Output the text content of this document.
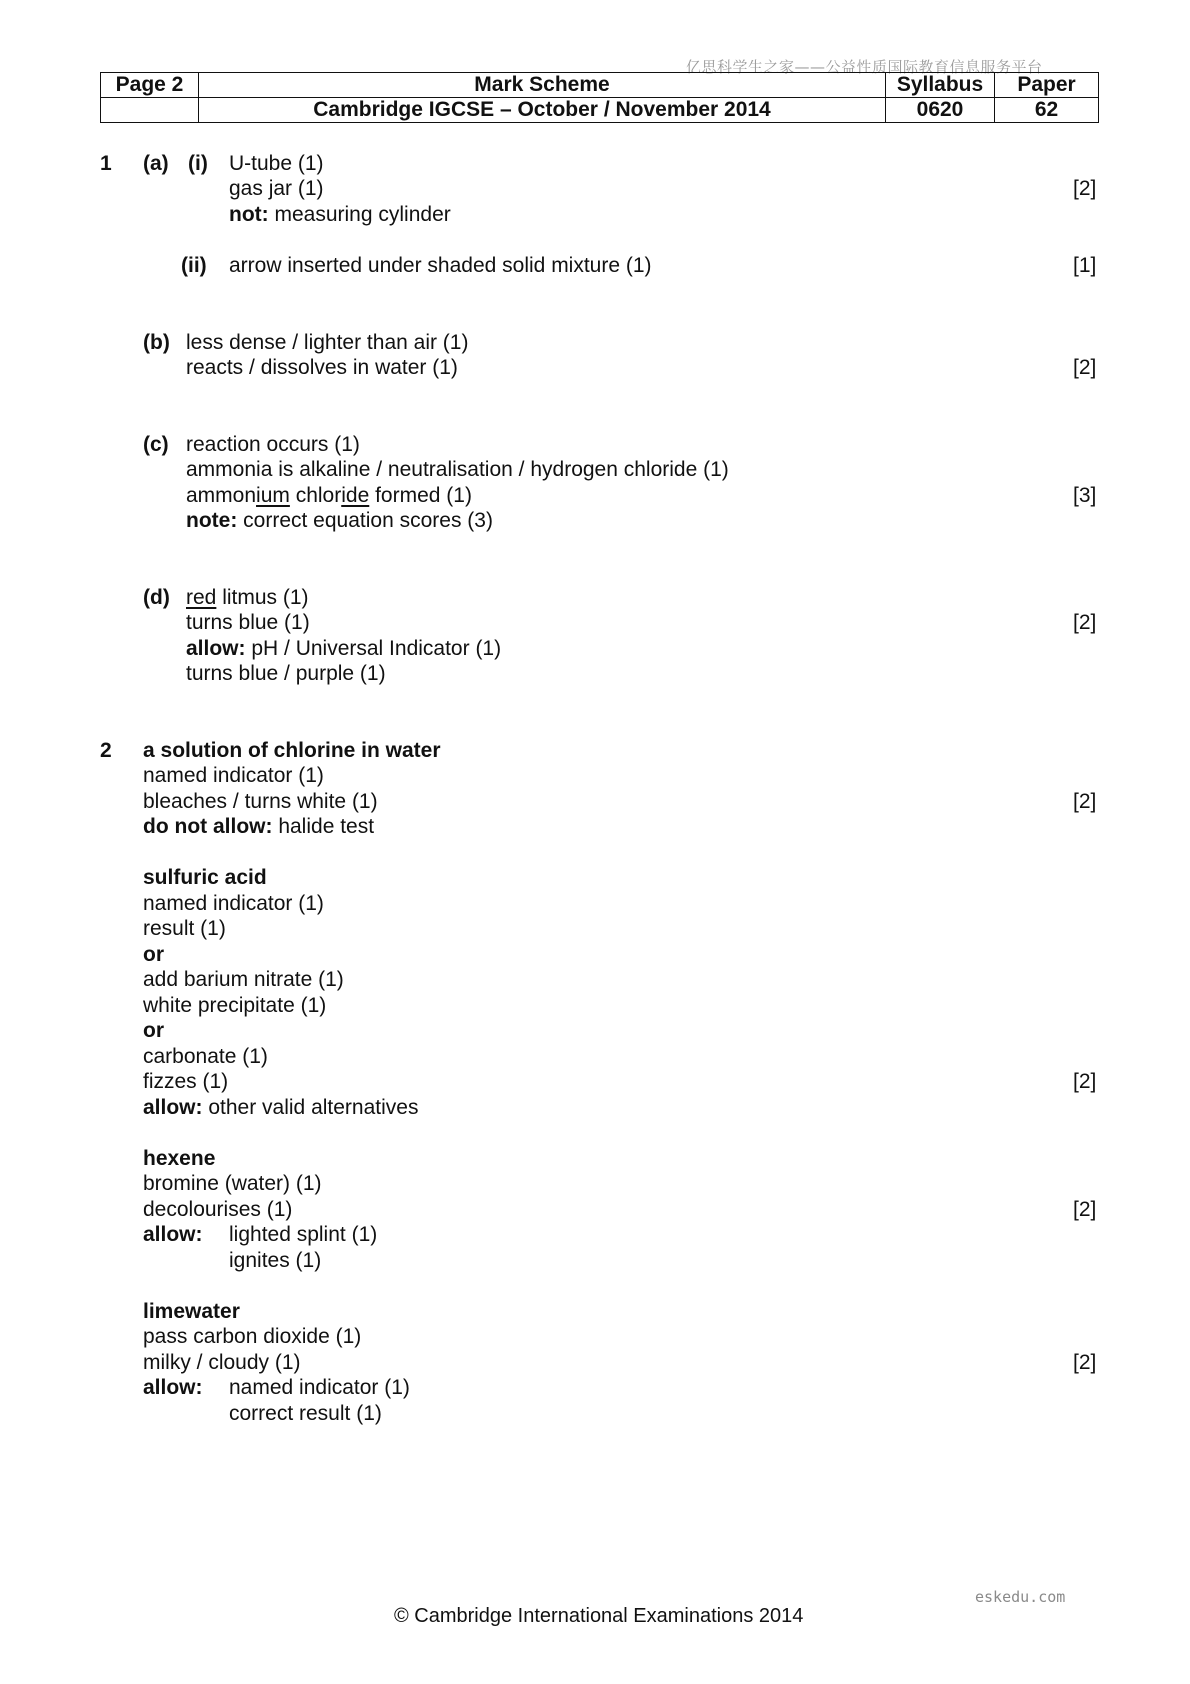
亿思科学生之家——公益性质国际教育信息服务平台
Page 2	Mark Scheme	Syllabus	Paper
	Cambridge IGCSE – October / November 2014	0620	62
1 (a) (i) U-tube (1)
gas jar (1)
not: measuring cylinder
[2]
(ii) arrow inserted under shaded solid mixture (1)	[1]
(b) less dense / lighter than air (1)
reacts / dissolves in water (1)	[2]
(c) reaction occurs (1)
ammonia is alkaline / neutralisation / hydrogen chloride (1)
ammonium chloride formed (1)
note: correct equation scores (3)
[3]
(d) red litmus (1)
turns blue (1)
allow: pH / Universal Indicator (1)
turns blue / purple (1)
[2]
2 a solution of chlorine in water
named indicator (1)
bleaches / turns white (1)
do not allow: halide test
[2]
sulfuric acid
named indicator (1)
result (1)
or
add barium nitrate (1)
white precipitate (1)
or
carbonate (1)
fizzes (1)
allow: other valid alternatives
[2]
hexene
bromine (water) (1)
decolourises (1)
allow: lighted splint (1)
ignites (1)
[2]
limewater
pass carbon dioxide (1)
milky / cloudy (1)
allow: named indicator (1)
correct result (1)
[2]
eskedu.com
© Cambridge International Examinations 2014
